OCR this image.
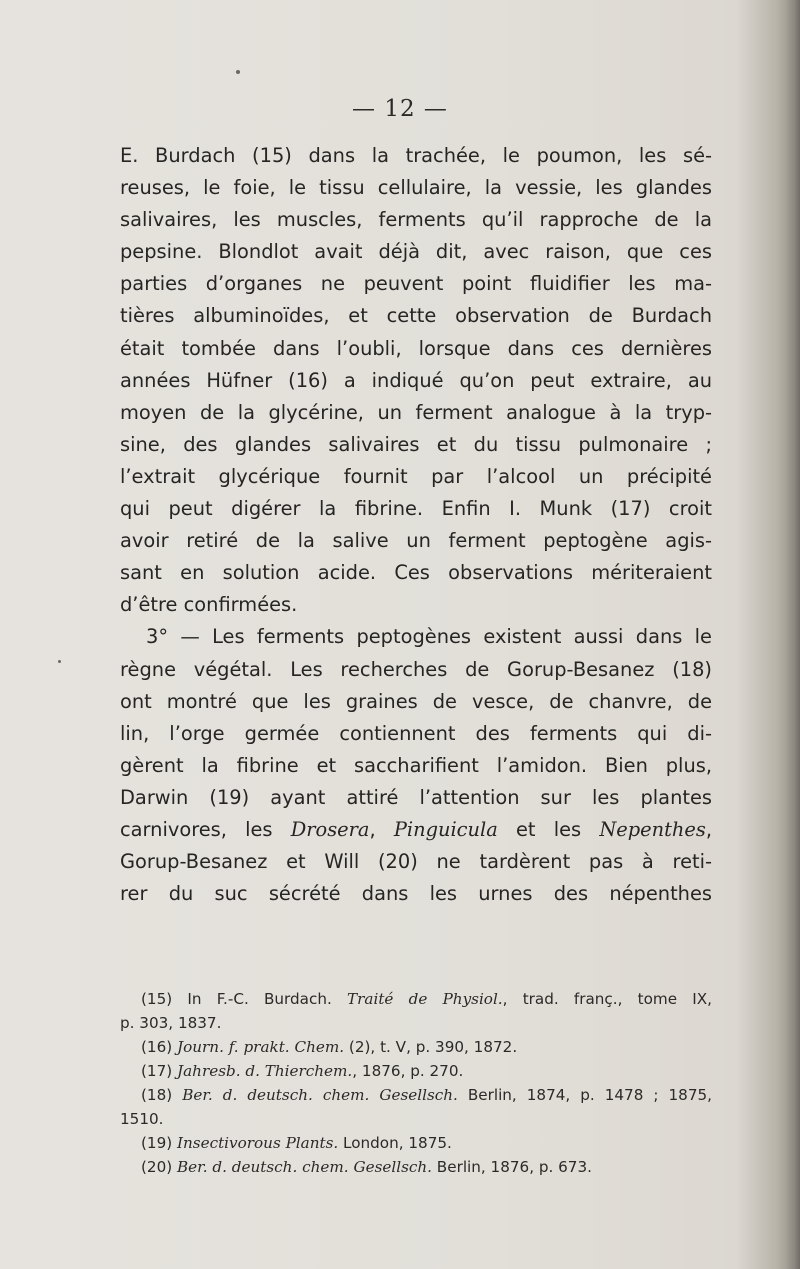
— 12 —
E. Burdach (15) dans la trachée, le poumon, les sé-
reuses, le foie, le tissu cellulaire, la vessie, les glandes
salivaires, les muscles, ferments qu’il rapproche de la
pepsine. Blondlot avait déjà dit, avec raison, que ces
parties d’organes ne peuvent point fluidifier les ma-
tières albuminoïdes, et cette observation de Burdach
était tombée dans l’oubli, lorsque dans ces dernières
années Hüfner (16) a indiqué qu’on peut extraire, au
moyen de la glycérine, un ferment analogue à la tryp-
sine, des glandes salivaires et du tissu pulmonaire ;
l’extrait glycérique fournit par l’alcool un précipité
qui peut digérer la fibrine. Enfin I. Munk (17) croit
avoir retiré de la salive un ferment peptogène agis-
sant en solution acide. Ces observations mériteraient
d’être confirmées.
3° — Les ferments peptogènes existent aussi dans le
règne végétal. Les recherches de Gorup-Besanez (18)
ont montré que les graines de vesce, de chanvre, de
lin, l’orge germée contiennent des ferments qui di-
gèrent la fibrine et saccharifient l’amidon. Bien plus,
Darwin (19) ayant attiré l’attention sur les plantes
carnivores, les Drosera, Pinguicula et les Nepenthes,
Gorup-Besanez et Will (20) ne tardèrent pas à reti-
rer du suc sécrété dans les urnes des népenthes
(15) In F.-C. Burdach. Traité de Physiol., trad. franç., tome IX,
p. 303, 1837.
(16) Journ. f. prakt. Chem. (2), t. V, p. 390, 1872.
(17) Jahresb. d. Thierchem., 1876, p. 270.
(18) Ber. d. deutsch. chem. Gesellsch. Berlin, 1874, p. 1478 ; 1875,
1510.
(19) Insectivorous Plants. London, 1875.
(20) Ber. d. deutsch. chem. Gesellsch. Berlin, 1876, p. 673.
